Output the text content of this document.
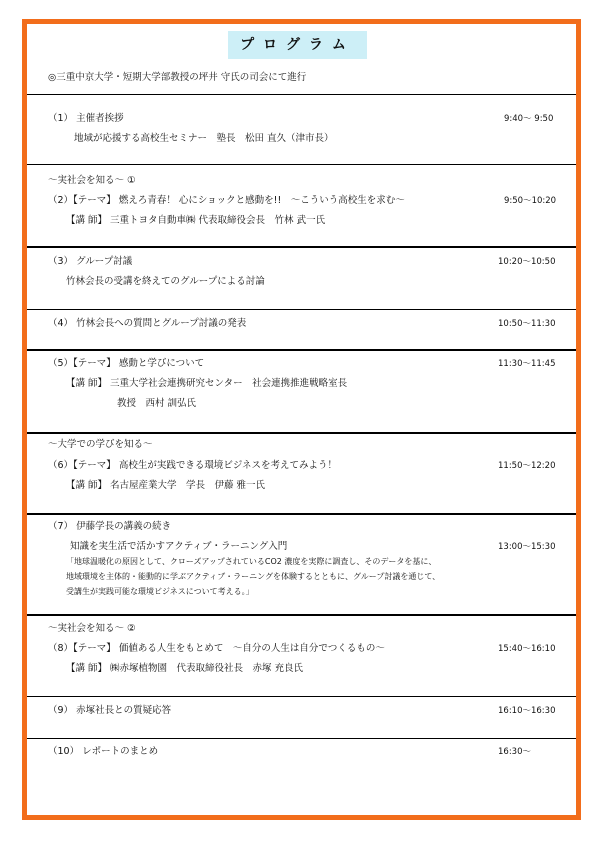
プログラム
◎三重中京大学・短期大学部教授の坪井 守氏の司会にて進行
（1） 主催者挨拶
地域が応援する高校生セミナー　塾長　松田 直久（津市長）
9:40～ 9:50
～実社会を知る～ ①
（2）【テーマ】 燃えろ青春！ 心にショックと感動を!!　～こういう高校生を求む～
【講 師】 三重トヨタ自動車㈱ 代表取締役会長　竹林 武一氏
9:50～10:20
（3） グループ討議
竹林会長の受講を終えてのグループによる討論
10:20～10:50
（4） 竹林会長への質問とグループ討議の発表	10:50～11:30
（5）【テーマ】 感動と学びについて
【講 師】 三重大学社会連携研究センター　社会連携推進戦略室長
教授　西村 訓弘氏
11:30～11:45
～大学での学びを知る～
（6）【テーマ】 高校生が実践できる環境ビジネスを考えてみよう！
【講 師】 名古屋産業大学　学長　伊藤 雅一氏
11:50～12:20
（7） 伊藤学長の講義の続き
知識を実生活で活かすアクティブ・ラーニング入門
「地球温暖化の原因として、クローズアップされているCO2 濃度を実際に調査し、そのデータを基に、
地域環境を主体的・能動的に学ぶアクティブ・ラーニングを体験するとともに、グループ討議を通じて、
受講生が実践可能な環境ビジネスについて考える。」
13:00～15:30
～実社会を知る～ ②
（8）【テーマ】 価値ある人生をもとめて　～自分の人生は自分でつくるもの～
【講 師】 ㈱赤塚植物園　代表取締役社長　赤塚 充良氏
15:40～16:10
（9） 赤塚社長との質疑応答	16:10～16:30
（10） レポートのまとめ	16:30～
